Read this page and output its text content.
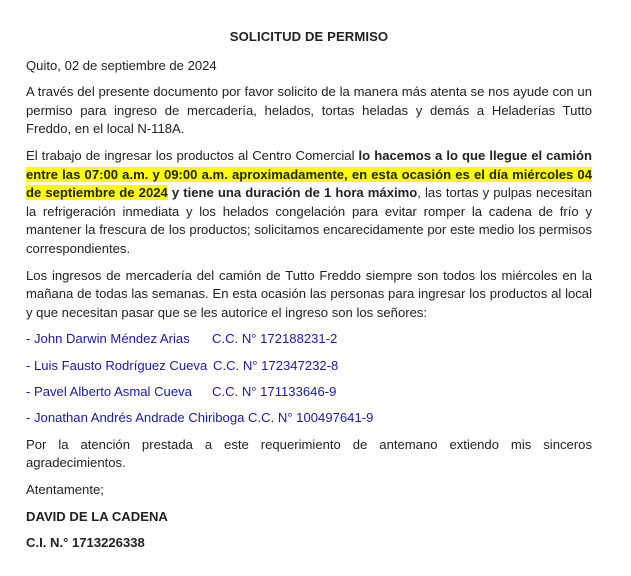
SOLICITUD DE PERMISO

Quito, 02 de septiembre de 2024

A través del presente documento por favor solicito de la manera más atenta se nos ayude con un permiso para ingreso de mercadería, helados, tortas heladas y demás a Heladerías Tutto Freddo, en el local N-118A.

El trabajo de ingresar los productos al Centro Comercial lo hacemos a lo que llegue el camión entre las 07:00 a.m. y 09:00 a.m. aproximadamente, en esta ocasión es el día miércoles 04 de septiembre de 2024 y tiene una duración de 1 hora máximo, las tortas y pulpas necesitan la refrigeración inmediata y los helados congelación para evitar romper la cadena de frío y mantener la frescura de los productos; solicitamos encarecidamente por este medio los permisos correspondientes.

Los ingresos de mercadería del camión de Tutto Freddo siempre son todos los miércoles en la mañana de todas las semanas. En esta ocasión las personas para ingresar los productos al local y que necesitan pasar que se les autorice el ingreso son los señores:

- John Darwin Méndez Arias C.C. N° 172188231-2
- Luis Fausto Rodríguez Cueva C.C. N° 172347232-8
- Pavel Alberto Asmal Cueva C.C. N° 171133646-9
- Jonathan Andrés Andrade Chiriboga C.C. N° 100497641-9

Por la atención prestada a este requerimiento de antemano extiendo mis sinceros agradecimientos.

Atentamente;

DAVID DE LA CADENA
C.I. N.° 1713226338
